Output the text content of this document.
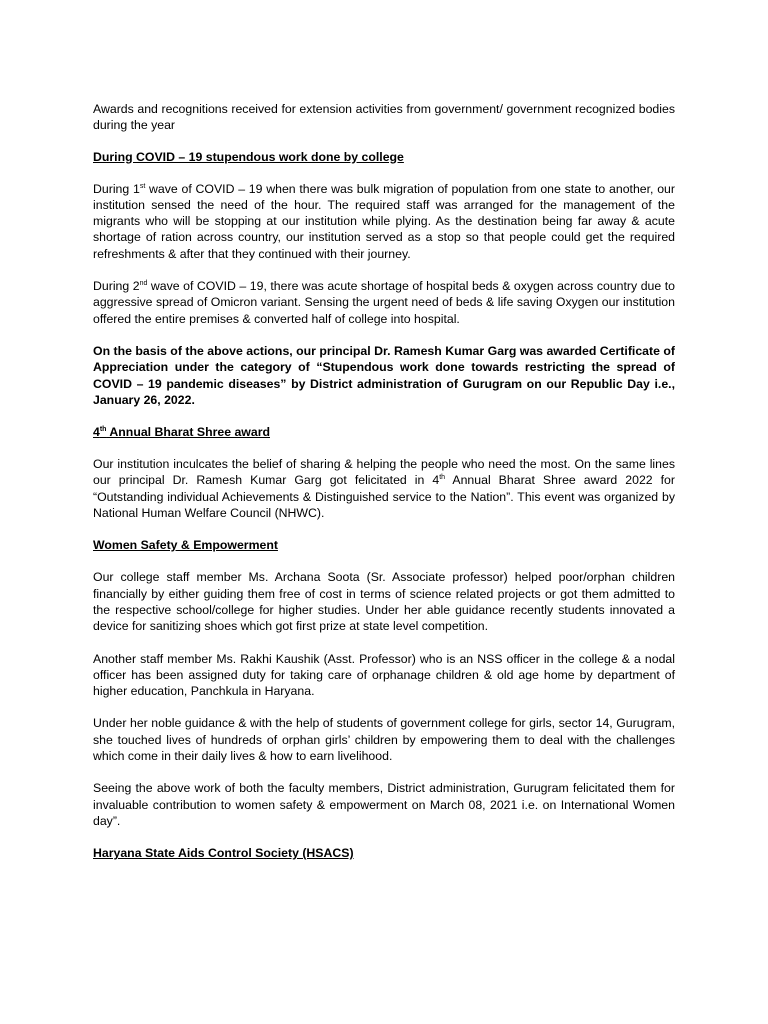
Awards and recognitions received for extension activities from government/ government recognized bodies during the year

During COVID – 19 stupendous work done by college

During 1st wave of COVID – 19 when there was bulk migration of population from one state to another, our institution sensed the need of the hour. The required staff was arranged for the management of the migrants who will be stopping at our institution while plying. As the destination being far away & acute shortage of ration across country, our institution served as a stop so that people could get the required refreshments & after that they continued with their journey.

During 2nd wave of COVID – 19, there was acute shortage of hospital beds & oxygen across country due to aggressive spread of Omicron variant. Sensing the urgent need of beds & life saving Oxygen our institution offered the entire premises & converted half of college into hospital.

On the basis of the above actions, our principal Dr. Ramesh Kumar Garg was awarded Certificate of Appreciation under the category of “Stupendous work done towards restricting the spread of COVID – 19 pandemic diseases” by District administration of Gurugram on our Republic Day i.e., January 26, 2022.

4th Annual Bharat Shree award

Our institution inculcates the belief of sharing & helping the people who need the most. On the same lines our principal Dr. Ramesh Kumar Garg got felicitated in 4th Annual Bharat Shree award 2022 for “Outstanding individual Achievements & Distinguished service to the Nation”. This event was organized by National Human Welfare Council (NHWC).

Women Safety & Empowerment

Our college staff member Ms. Archana Soota (Sr. Associate professor) helped poor/orphan children financially by either guiding them free of cost in terms of science related projects or got them admitted to the respective school/college for higher studies. Under her able guidance recently students innovated a device for sanitizing shoes which got first prize at state level competition.

Another staff member Ms. Rakhi Kaushik (Asst. Professor) who is an NSS officer in the college & a nodal officer has been assigned duty for taking care of orphanage children & old age home by department of higher education, Panchkula in Haryana.

Under her noble guidance & with the help of students of government college for girls, sector 14, Gurugram, she touched lives of hundreds of orphan girls’ children by empowering them to deal with the challenges which come in their daily lives & how to earn livelihood.

Seeing the above work of both the faculty members, District administration, Gurugram felicitated them for invaluable contribution to women safety & empowerment on March 08, 2021 i.e. on International Women day”.

Haryana State Aids Control Society (HSACS)
